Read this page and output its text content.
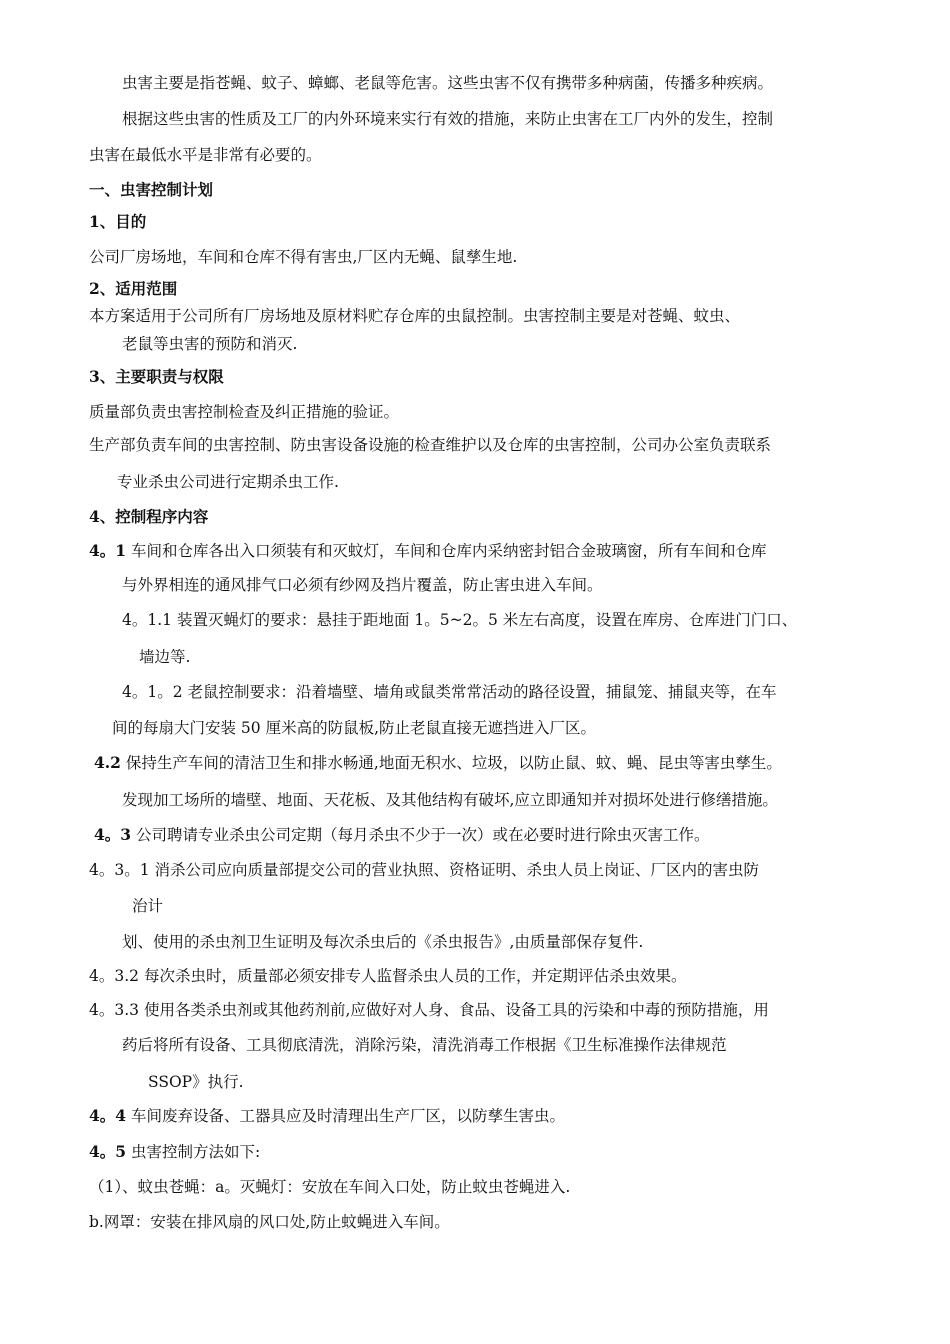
虫害主要是指苍蝇、蚊子、蟑螂、老鼠等危害。这些虫害不仅有携带多种病菌，传播多种疾病。
根据这些虫害的性质及工厂的内外环境来实行有效的措施，来防止虫害在工厂内外的发生，控制
虫害在最低水平是非常有必要的。
一、虫害控制计划
1、目的
公司厂房场地，车间和仓库不得有害虫,厂区内无蝇、鼠孳生地.
2、适用范围
本方案适用于公司所有厂房场地及原材料贮存仓库的虫鼠控制。虫害控制主要是对苍蝇、蚊虫、
老鼠等虫害的预防和消灭.
3、主要职责与权限
质量部负责虫害控制检查及纠正措施的验证。
生产部负责车间的虫害控制、防虫害设备设施的检查维护以及仓库的虫害控制，公司办公室负责联系
专业杀虫公司进行定期杀虫工作.
4、控制程序内容
4。1 车间和仓库各出入口须装有和灭蚊灯，车间和仓库内采纳密封铝合金玻璃窗，所有车间和仓库
与外界相连的通风排气口必须有纱网及挡片覆盖，防止害虫进入车间。
4。1.1 装置灭蝇灯的要求：悬挂于距地面 1。5~2。5 米左右高度，设置在库房、仓库进门门口、
墙边等.
4。1。2 老鼠控制要求：沿着墙壁、墙角或鼠类常常活动的路径设置，捕鼠笼、捕鼠夹等，在车
间的每扇大门安装 50 厘米高的防鼠板,防止老鼠直接无遮挡进入厂区。
4.2 保持生产车间的清洁卫生和排水畅通,地面无积水、垃圾，以防止鼠、蚊、蝇、昆虫等害虫孳生。
发现加工场所的墙壁、地面、天花板、及其他结构有破坏,应立即通知并对损坏处进行修缮措施。
4。3 公司聘请专业杀虫公司定期（每月杀虫不少于一次）或在必要时进行除虫灭害工作。
4。3。1 消杀公司应向质量部提交公司的营业执照、资格证明、杀虫人员上岗证、厂区内的害虫防
治计
划、使用的杀虫剂卫生证明及每次杀虫后的《杀虫报告》,由质量部保存复件.
4。3.2 每次杀虫时，质量部必须安排专人监督杀虫人员的工作，并定期评估杀虫效果。
4。3.3 使用各类杀虫剂或其他药剂前,应做好对人身、食品、设备工具的污染和中毒的预防措施，用
药后将所有设备、工具彻底清洗，消除污染，清洗消毒工作根据《卫生标准操作法律规范
SSOP》执行.
4。4 车间废弃设备、工器具应及时清理出生产厂区，以防孳生害虫。
4。5 虫害控制方法如下:
（1）、蚊虫苍蝇：a。灭蝇灯：安放在车间入口处，防止蚊虫苍蝇进入.
b.网罩：安装在排风扇的风口处,防止蚊蝇进入车间。
